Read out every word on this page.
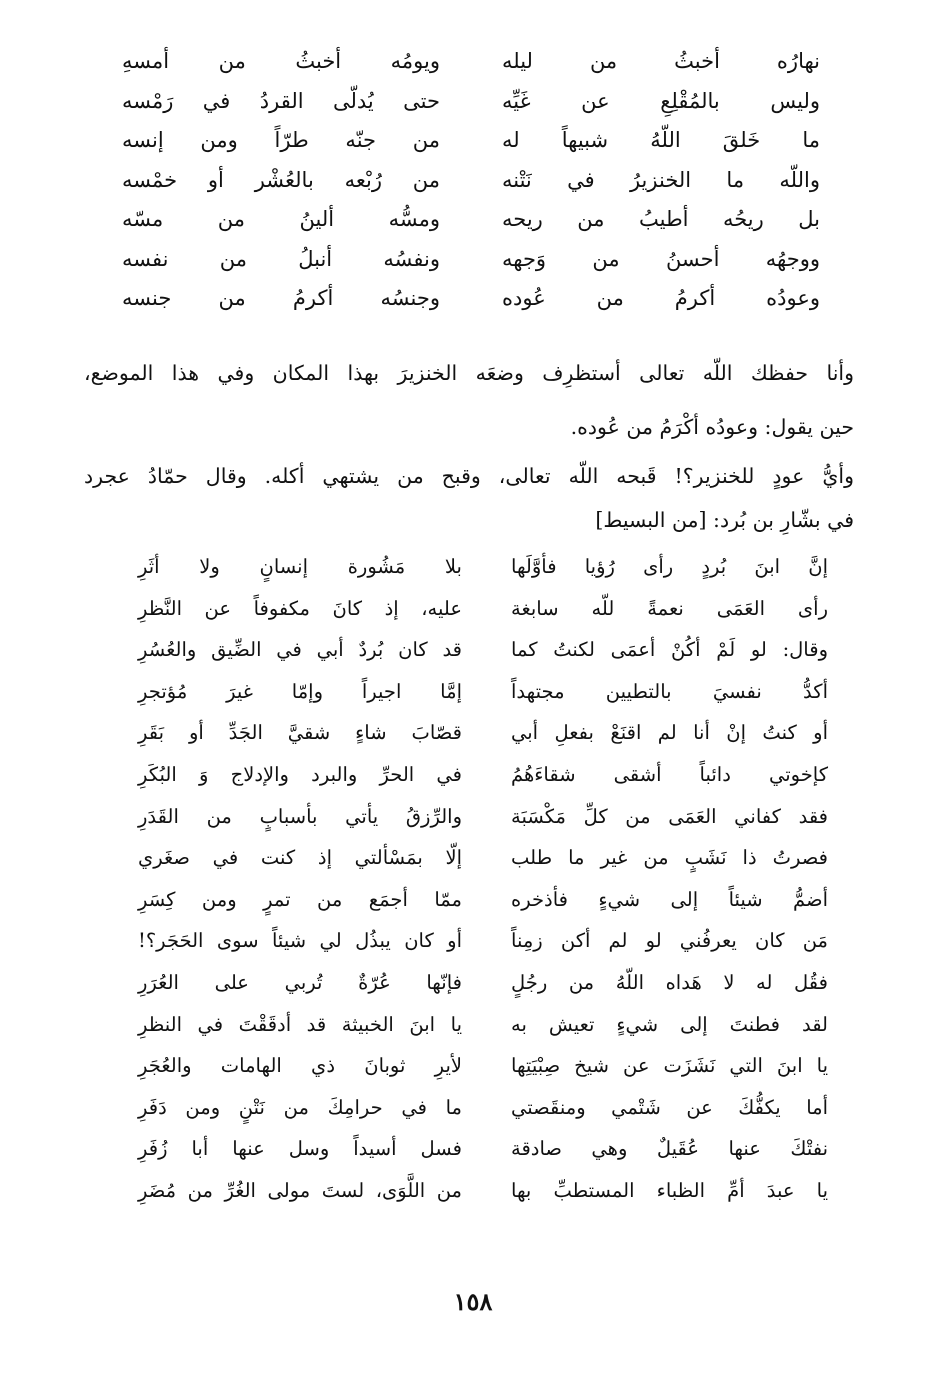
نهارُه أخبثُ من ليله
ويومُه أخبثُ من أمسهِ
وليس بالمُقْلِعِ عن غَيِّه
حتى يُدلّى القردُ في رَمْسه
ما خَلقَ اللّهُ شبيهاً له
من جنّه طرّاً ومن إنسه
واللّه ما الخنزيرُ في نَتْنه
من رُبْعه بالعُشْر أو خمْسه
بل ريحُه أطيبُ من ريحه
ومسُّه ألينُ من مسّه
ووجهُه أحسنُ من وَجهه
ونفسُه أنبلُ من نفسه
وعودُه أكرمُ من عُوده
وجنسُه أكرمُ من جنسه
وأنا حفظك اللّه تعالى أستظرِف وضعَه الخنزيرَ بهذا المكان وفي هذا الموضع،
حين يقول: وعودُه أكْرَمُ من عُوده.
وأيُّ عودٍ للخنزير؟! قَبحه اللّه تعالى، وقبح من يشتهي أكله. وقال حمّادُ عجرد
في بشّارِ بن بُرد: [من البسيط]
إنَّ ابنَ بُردٍ رأى رُؤيا فأوَّلَها
بلا مَشُورة إنسانٍ ولا أثَرِ
رأى العَمَى نعمةً للّه سابغة
عليه، إذ كانَ مكفوفاً عن النَّظرِ
وقال: لو لَمْ أكُنْ أعمَى لكنتُ كما
قد كان بُردٌ أبي في الضِّيق والعُسُرِ
أكدُّ نفسيَ بالتطيين مجتهداً
إمَّا اجيراً وإمّا غيرَ مُؤتجرِ
أو كنتُ إنْ أنا لم اقنَعْ بفعلِ أبي
قصّابَ شاءٍ شقيَّ الجَدِّ أو بَقَرِ
كإخوتي دائباً أشقى شقاءَهُمُ
في الحرِّ والبرد والإدلاج وَ البُكَرِ
فقد كفاني العَمَى من كلِّ مَكْسَبَة
والرِّزقُ يأتي بأسبابٍ من القَدَرِ
فصرتُ ذا نَشَبٍ من غير ما طلب
إلّا بمَسْألتي إذ كنت في صغَري
أضمُّ شيئاً إلى شيءٍ فأذخره
ممّا أجمَع من تمرٍ ومن كِسَرِ
مَن كان يعرفُني لو لم أكن زمِناً
أو كان يبذُل لي شيئاً سوى الحَجَر؟!
فقُل له لا هَداه اللّهُ من رجُلٍ
فإنّها عُرّةٌ تُربي على العُرَرِ
لقد فطنتَ إلى شيءٍ تعيش به
يا ابنَ الخبيثة قد أدقَقْتَ في النظرِ
يا ابنَ التي نَشَزَت عن شيخ صِبْيَتِها
لأيرِ ثوبانَ ذي الهامات والعُجَرِ
أما يكفُّكَ عن شَتْمي ومنقَصتي
ما في حرامِكَ من نَتْنٍ ومن دَفَرِ
نفتْكَ عنها عُقَيلٌ وهي صادقة
فسل أسيداً وسل عنها أبا زُفَرِ
يا عبدَ أمِّ الظباء المستطبِّ بها
من اللَّوَى، لستَ مولى الغُرِّ من مُضَرِ
١٥٨
